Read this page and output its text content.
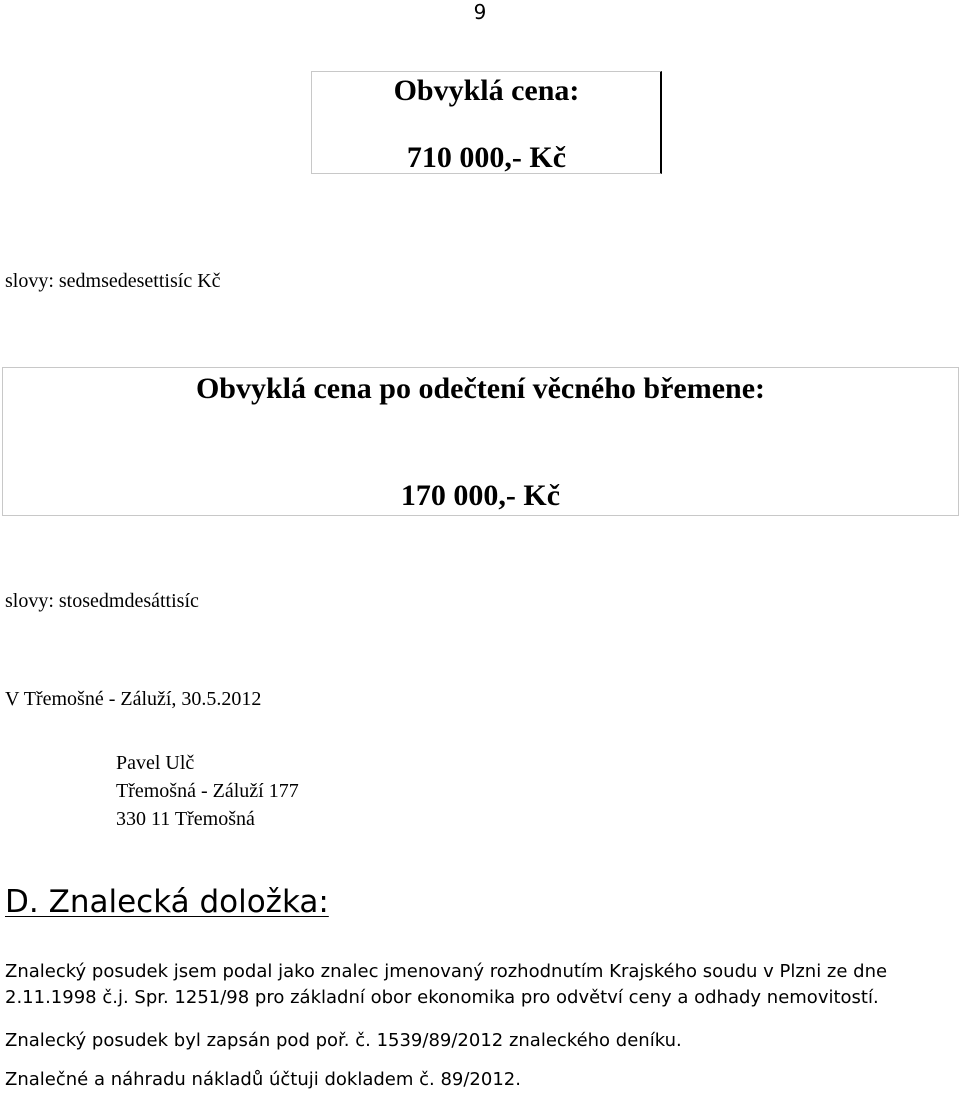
9
Obvyklá cena:
710 000,- Kč
slovy: sedmsedesettisíc Kč
Obvyklá cena po odečtení věcného břemene:
170 000,- Kč
slovy: stosedmdesáttisíc
V Třemošné - Záluží, 30.5.2012
Pavel Ulč
Třemošná - Záluží 177
330 11 Třemošná
D. Znalecká doložka:
Znalecký posudek jsem podal jako znalec jmenovaný rozhodnutím Krajského soudu v Plzni ze dne
2.11.1998 č.j. Spr. 1251/98 pro základní obor ekonomika pro odvětví ceny a odhady nemovitostí.
Znalecký posudek byl zapsán pod poř. č. 1539/89/2012 znaleckého deníku.
Znalečné a náhradu nákladů účtuji dokladem č. 89/2012.
